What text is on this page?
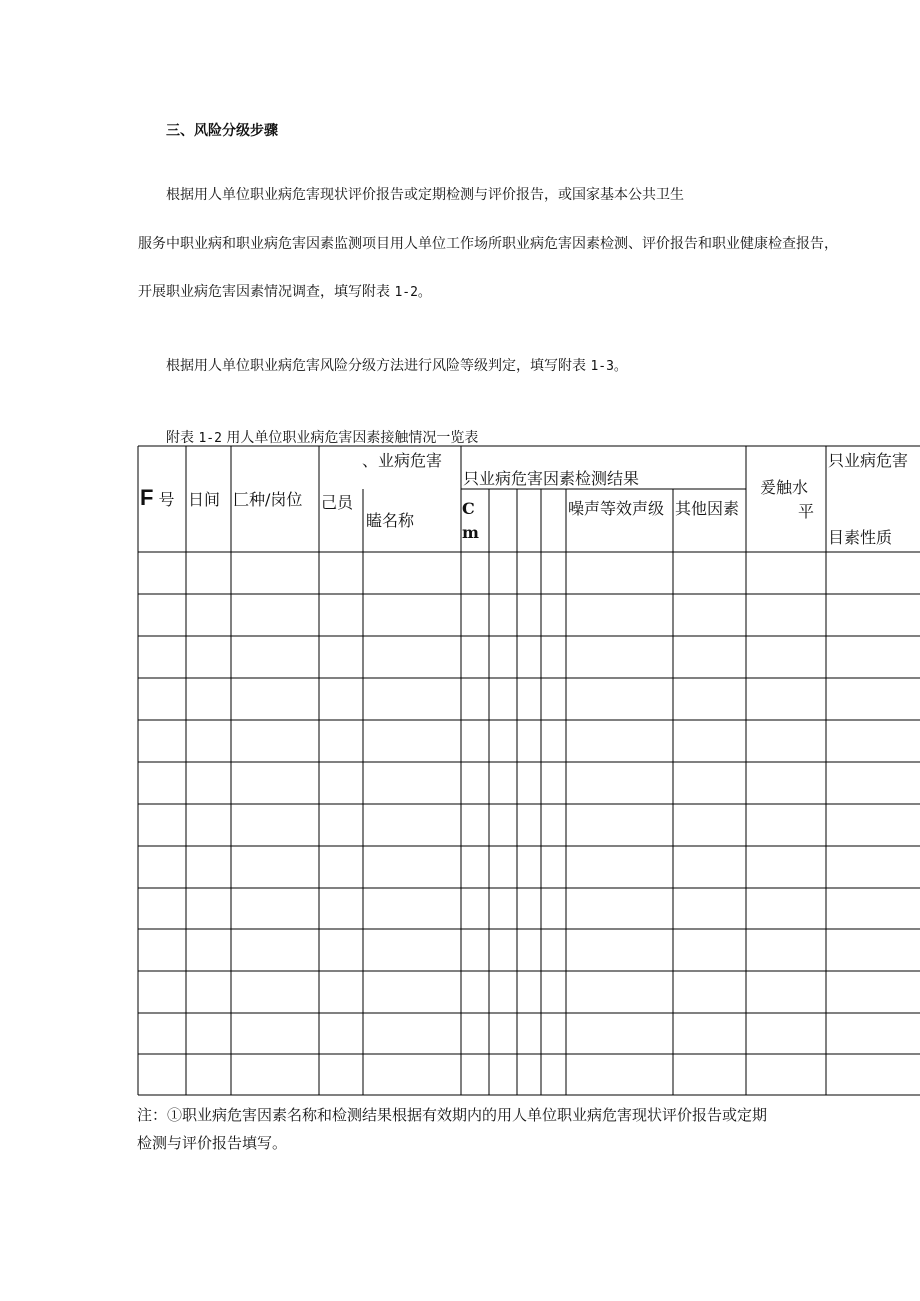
三、风险分级步骤
根据用人单位职业病危害现状评价报告或定期检测与评价报告，或国家基本公共卫生
服务中职业病和职业病危害因素监测项目用人单位工作场所职业病危害因素检测、评价报告和职业健康检查报告，
开展职业病危害因素情况调查，填写附表 1-2。
根据用人单位职业病危害风险分级方法进行风险等级判定，填写附表 1-3。
附表 1-2 用人单位职业病危害因素接触情况一览表
F 号 日间 匚种/岗位 己员
、业病危害
瞌名称
只业病危害因素检测结果
C
m
噪声等效声级 其他因素
爰触水
平
只业病危害
目素性质
注：①职业病危害因素名称和检测结果根据有效期内的用人单位职业病危害现状评价报告或定期
检测与评价报告填写。
